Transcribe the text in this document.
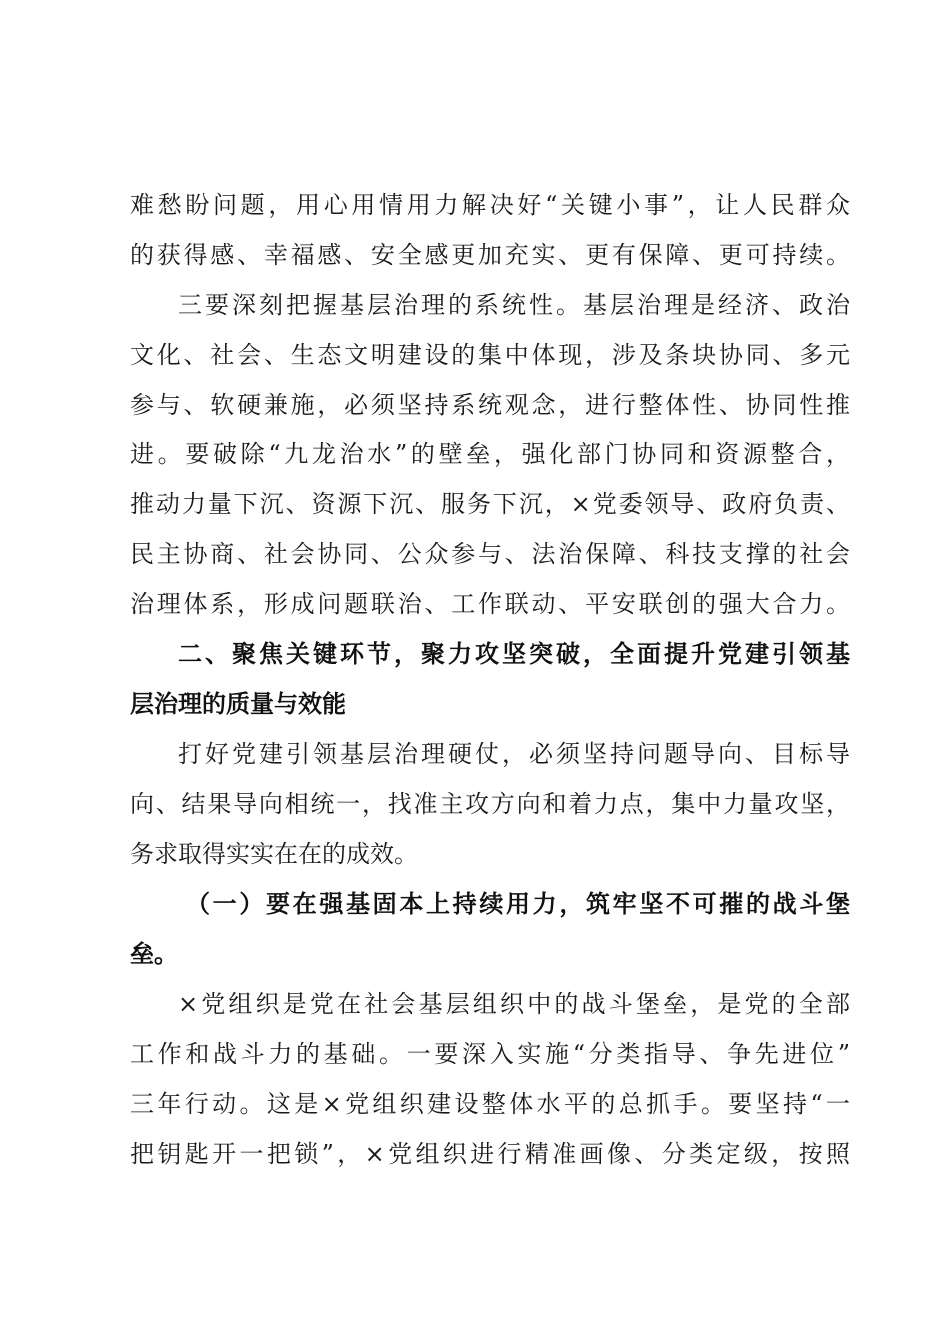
难愁盼问题，用心用情用力解决好“关键小事”，让人民群众
的获得感、幸福感、安全感更加充实、更有保障、更可持续。
三要深刻把握基层治理的系统性。基层治理是经济、政治
文化、社会、生态文明建设的集中体现，涉及条块协同、多元
参与、软硬兼施，必须坚持系统观念，进行整体性、协同性推
进。要破除“九龙治水”的壁垒，强化部门协同和资源整合，
推动力量下沉、资源下沉、服务下沉，×党委领导、政府负责、
民主协商、社会协同、公众参与、法治保障、科技支撑的社会
治理体系，形成问题联治、工作联动、平安联创的强大合力。
二、聚焦关键环节，聚力攻坚突破，全面提升党建引领基
层治理的质量与效能
打好党建引领基层治理硬仗，必须坚持问题导向、目标导
向、结果导向相统一，找准主攻方向和着力点，集中力量攻坚，
务求取得实实在在的成效。
（一）要在强基固本上持续用力，筑牢坚不可摧的战斗堡
垒。
×党组织是党在社会基层组织中的战斗堡垒，是党的全部
工作和战斗力的基础。一要深入实施“分类指导、争先进位”
三年行动。这是×党组织建设整体水平的总抓手。要坚持“一
把钥匙开一把锁”，×党组织进行精准画像、分类定级，按照
